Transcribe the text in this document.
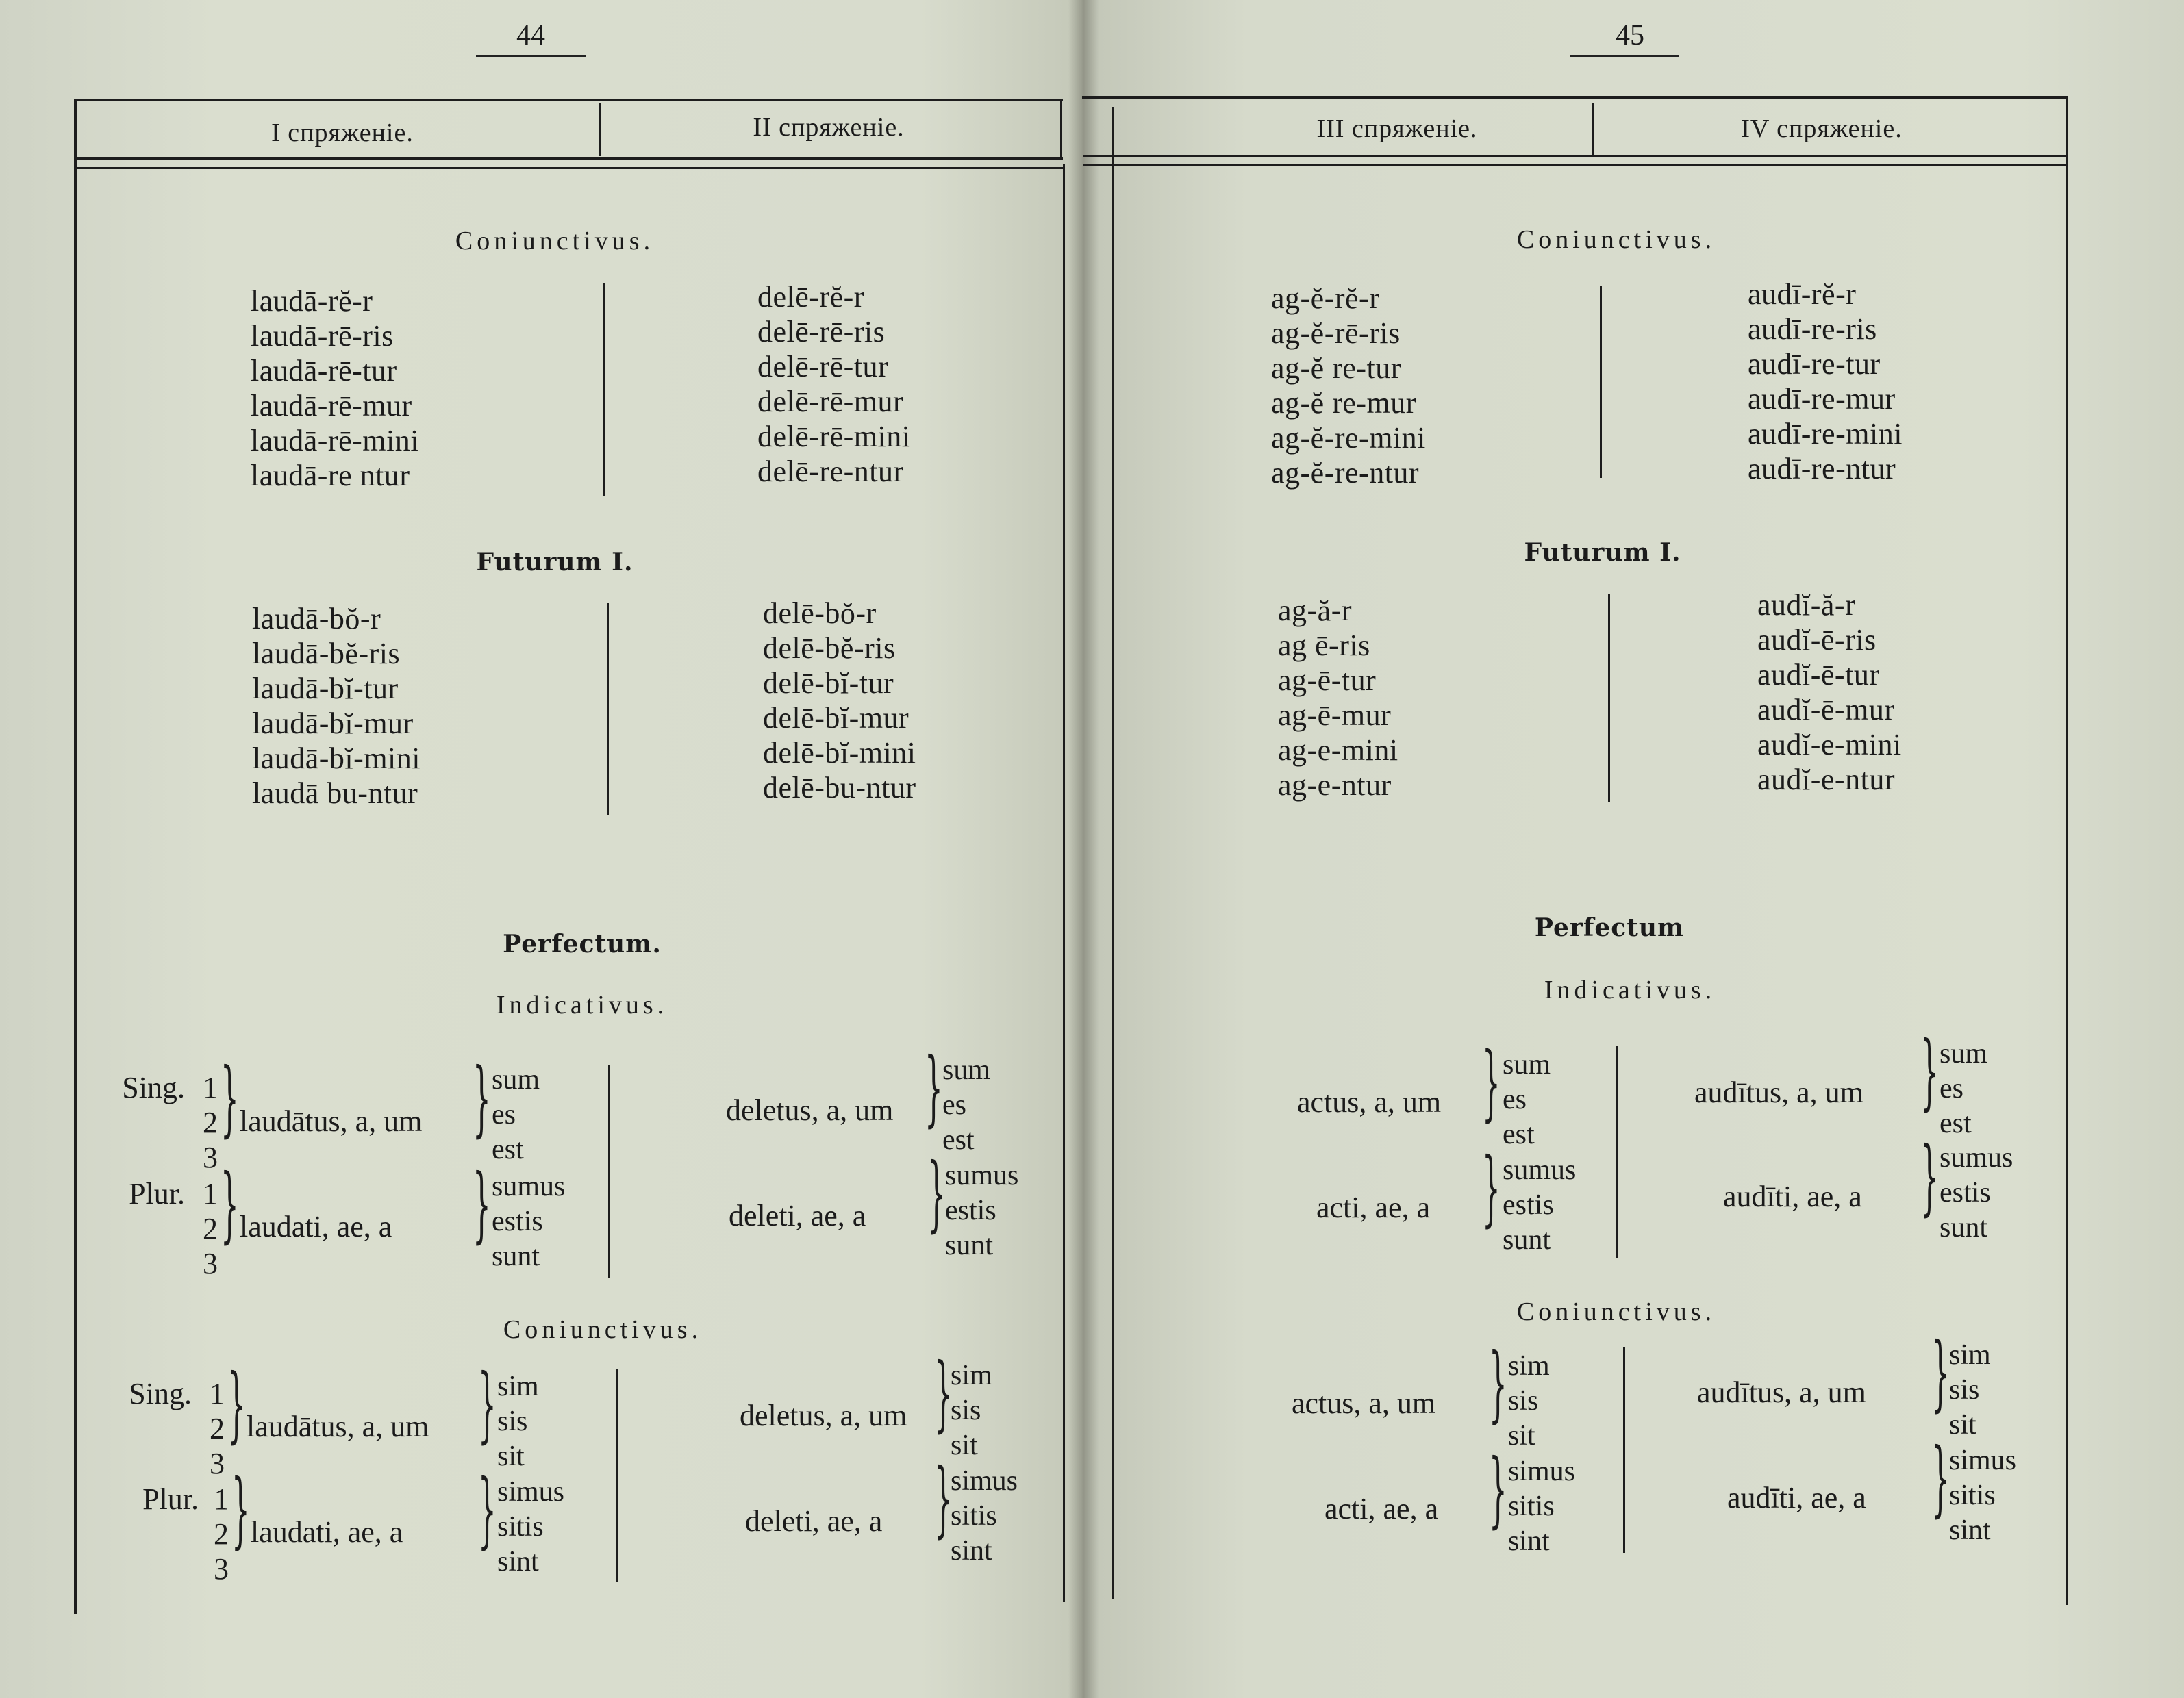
44
I спряженіе.	II спряженіе.
Coniunctivus.
laudā-rĕ-r
laudā-rē-ris
laudā-rē-tur
laudā-rē-mur
laudā-rē-mini
laudā-re ntur
delē-rĕ-r
delē-rē-ris
delē-rē-tur
delē-rē-mur
delē-rē-mini
delē-re-ntur
Futurum I.
laudā-bŏ-r
laudā-bĕ-ris
laudā-bĭ-tur
laudā-bĭ-mur
laudā-bĭ-mini
laudā bu-ntur
delē-bŏ-r
delē-bĕ-ris
delē-bĭ-tur
delē-bĭ-mur
delē-bĭ-mini
delē-bu-ntur
Perfectum.
Indicativus.
Sing. 1
2
3
} laudātus, a, um } sum
es
est
deletus, a, um } sum
es
est
Plur. 1
2
3
} laudati, ae, a } sumus
estis
sunt
deleti, ae, a } sumus
estis
sunt
Coniunctivus.
Sing. 1
2
3
} laudātus, a, um } sim
sis
sit
deletus, a, um }
sim
sis
sit
Plur. 1
2
3
} laudati, ae, a } simus
sitis
sint
deleti, ae, a }
simus
sitis
sint
45
III спряженіе.	IV спряженіе.
Coniunctivus.
ag-ĕ-rĕ-r
ag-ĕ-rē-ris
ag-ĕ re-tur
ag-ĕ re-mur
ag-ĕ-re-mini
ag-ĕ-re-ntur
audī-rĕ-r
audī-re-ris
audī-re-tur
audī-re-mur
audī-re-mini
audī-re-ntur
Futurum I.
ag-ă-r
ag ē-ris
ag-ē-tur
ag-ē-mur
ag-e-mini
ag-e-ntur
audĭ-ă-r
audĭ-ē-ris
audĭ-ē-tur
audĭ-ē-mur
audĭ-e-mini
audĭ-e-ntur
Perfectum
Indicativus.
actus, a, um } sum
es
est
audītus, a, um } sum
es
est
acti, ae, a } sumus
estis
sunt
audīti, ae, a } sumus
estis
sunt
Coniunctivus.
actus, a, um } sim
sis
sit
audītus, a, um } sim
sis
sit
acti, ae, a } simus
sitis
sint
audīti, ae, a } simus
sitis
sint
